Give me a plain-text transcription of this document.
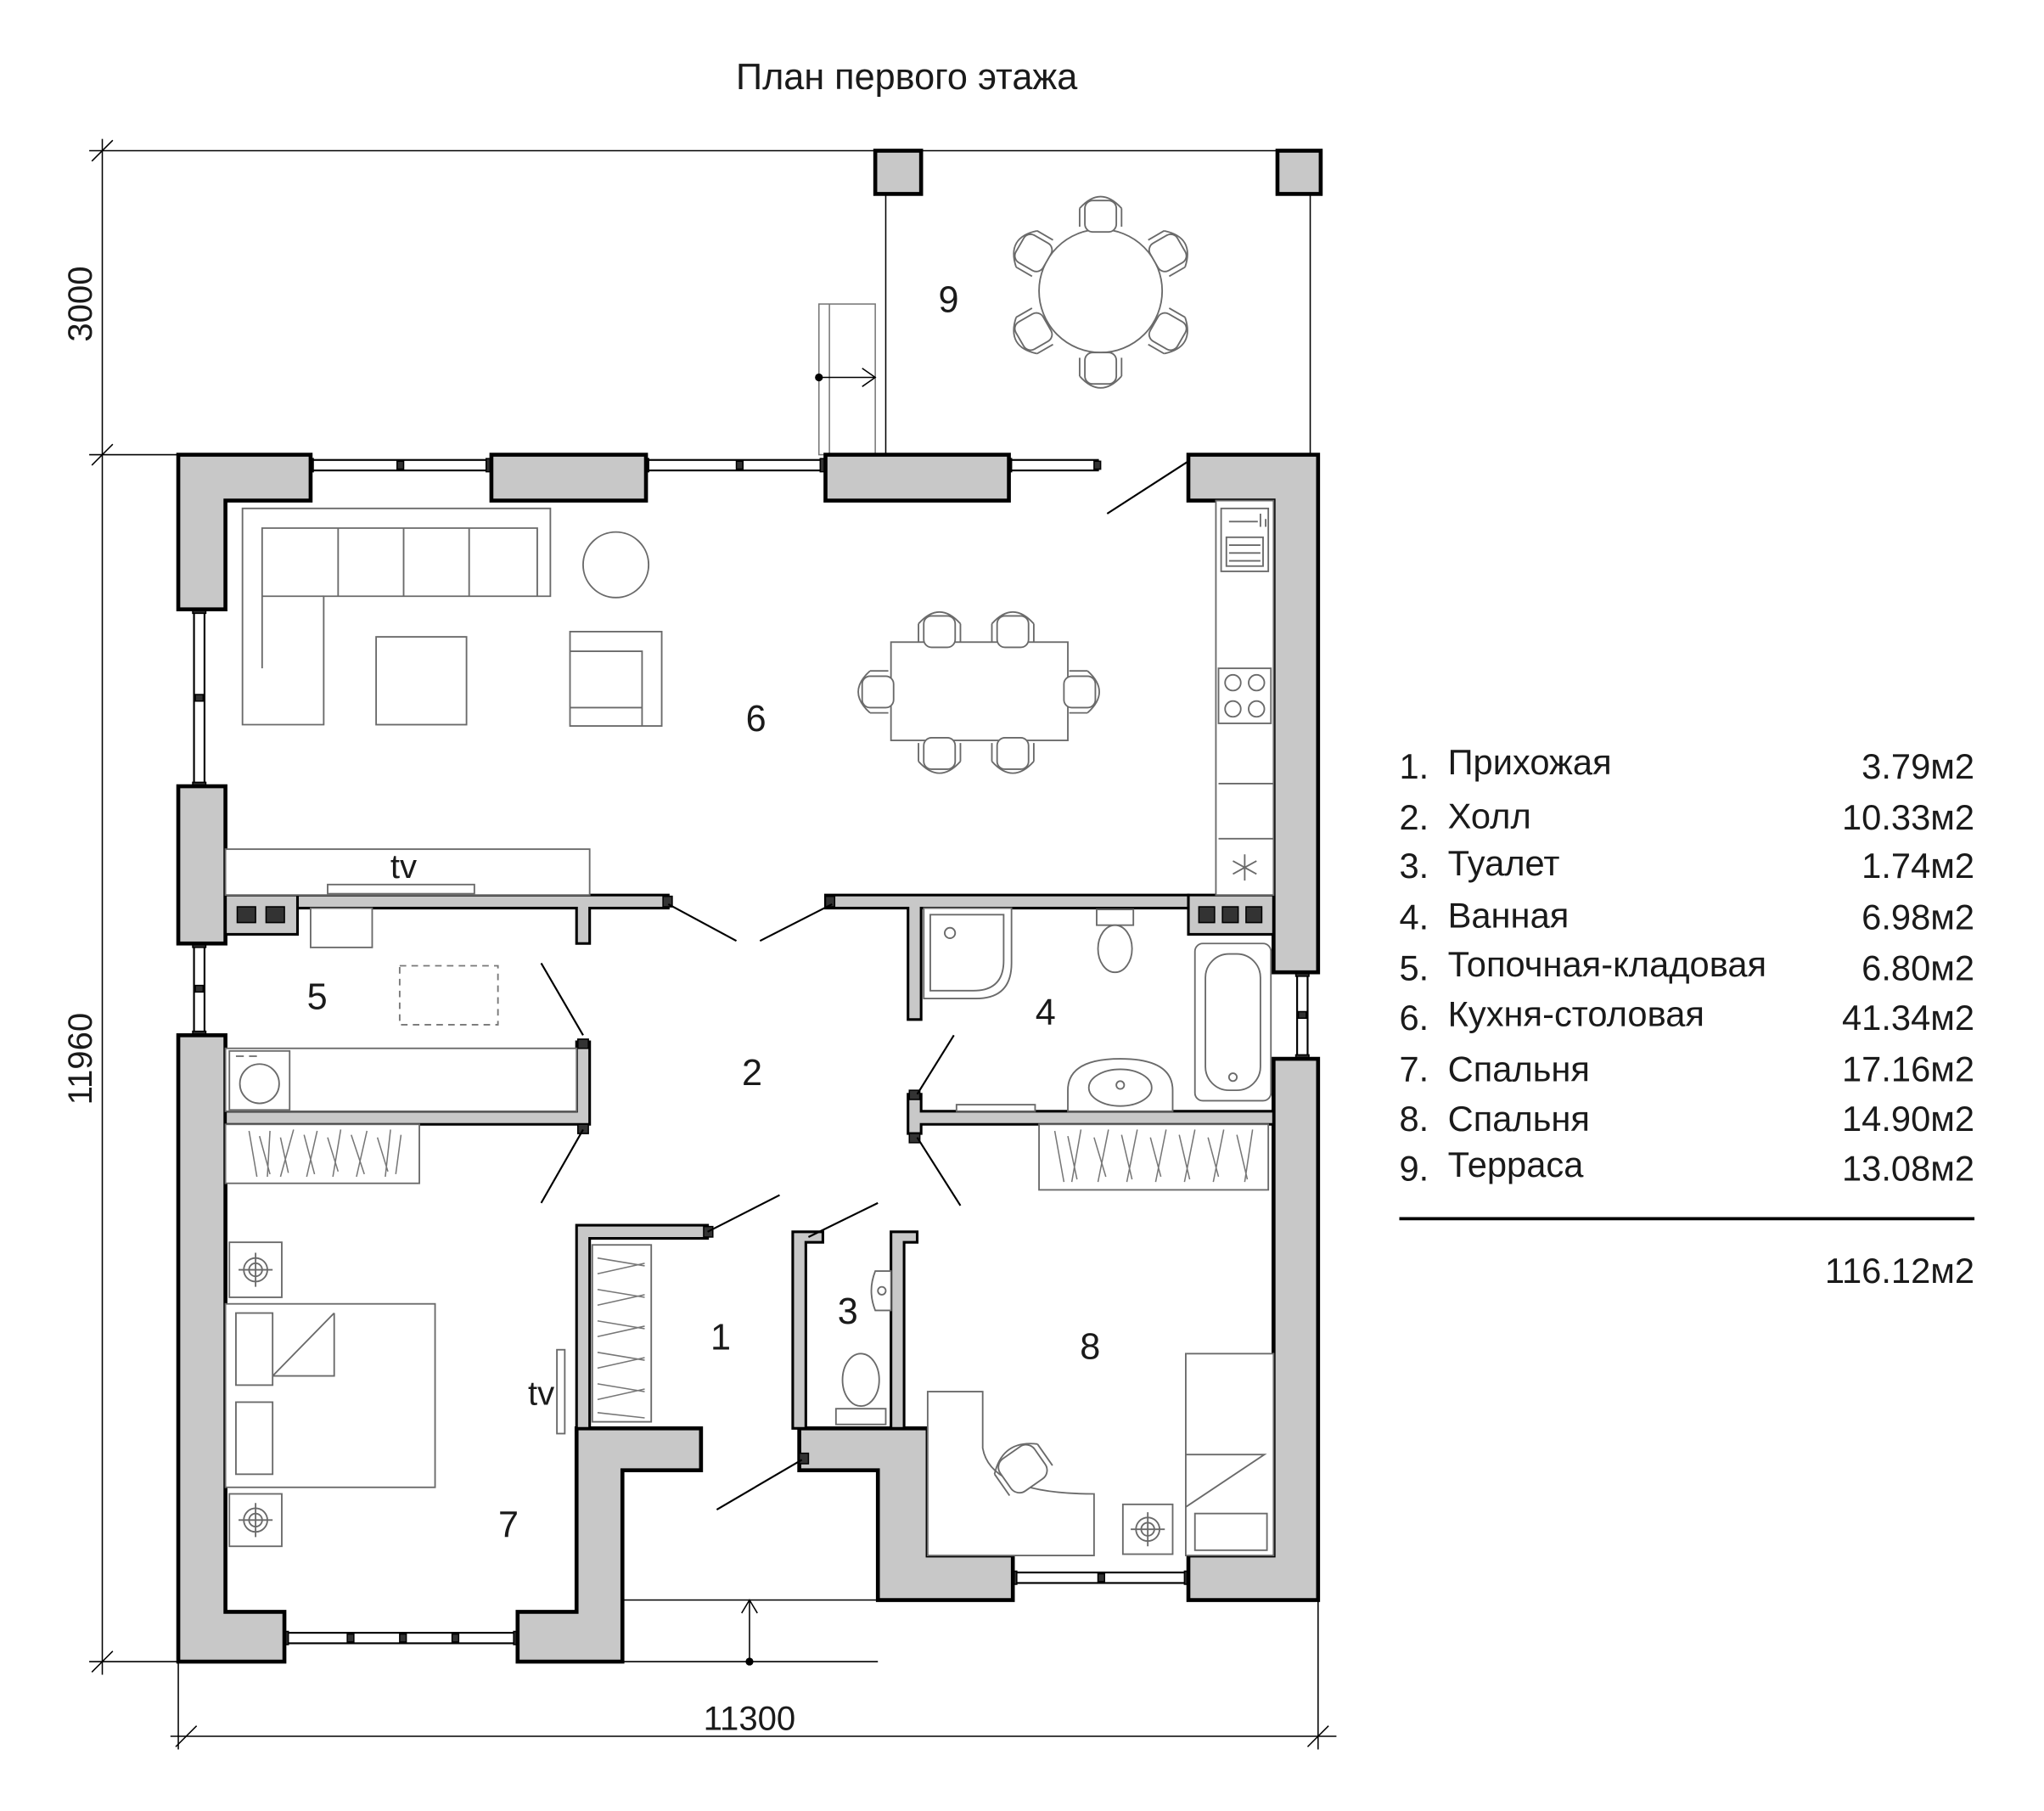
План первого этажа
3000
11960
11300
tv
tv
9
6
5
2
4
1
3
8
7
1. Прихожая	3.79м2
2. Холл	10.33м2
3. Туалет	1.74м2
4. Ванная	6.98м2
5. Топочная-кладовая	6.80м2
6. Кухня-столовая	41.34м2
7. Спальня	17.16м2
8. Спальня	14.90м2
9. Терраса	13.08м2
116.12м2
